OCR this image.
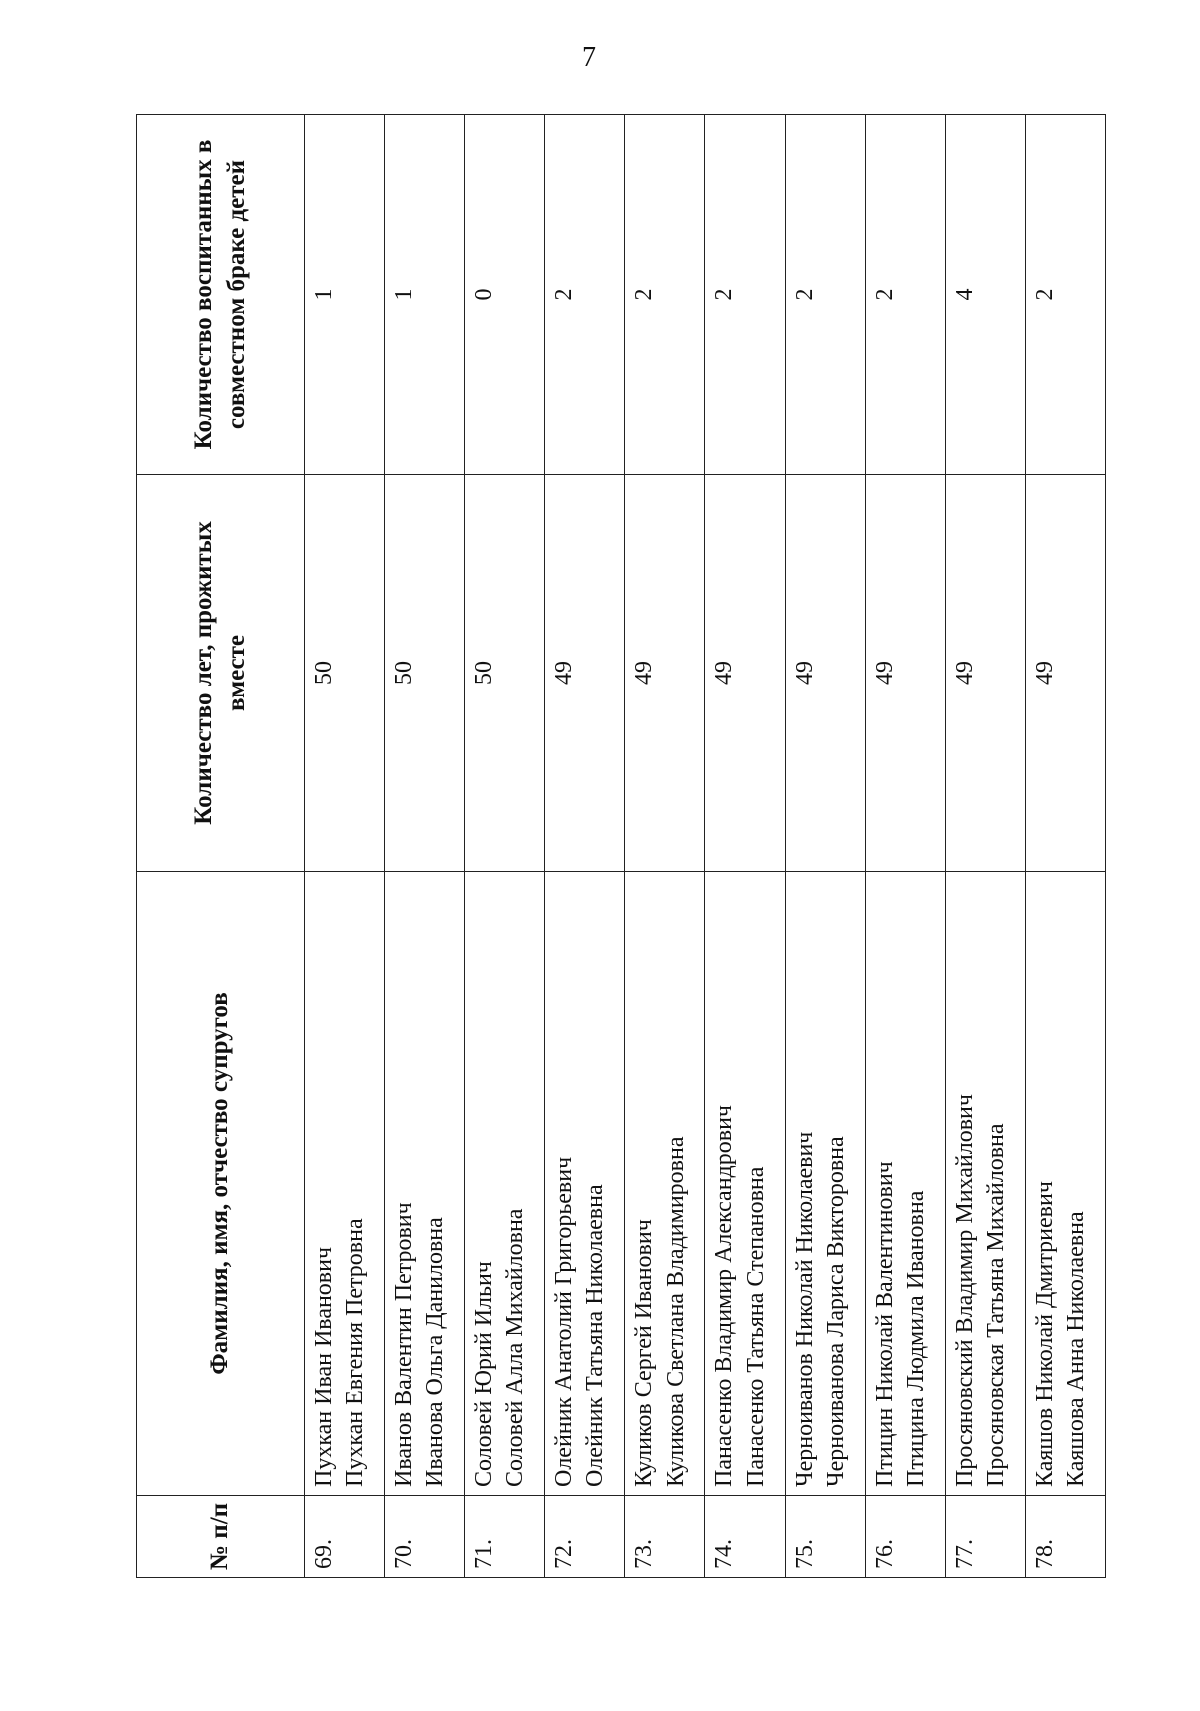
7
№ п/п	Фамилия, имя, отчество супругов	Количество лет, прожитых вместе	Количество воспитанных в совместном браке детей
69.	Пухкан Иван Иванович Пухкан Евгения Петровна	50	1
70.	Иванов Валентин Петрович Иванова Ольга Даниловна	50	1
71.	Соловей Юрий Ильич Соловей Алла Михайловна	50	0
72.	Олейник Анатолий Григорьевич Олейник Татьяна Николаевна	49	2
73.	Куликов Сергей Иванович Куликова Светлана Владимировна	49	2
74.	Панасенко Владимир Александрович Панасенко Татьяна Степановна	49	2
75.	Черноиванов Николай Николаевич Черноиванова Лариса Викторовна	49	2
76.	Птицин Николай Валентинович Птицина Людмила Ивановна	49	2
77.	Просяновский Владимир Михайлович Просяновская Татьяна Михайловна	49	4
78.	Каяшов Николай Дмитриевич Каяшова Анна Николаевна	49	2
